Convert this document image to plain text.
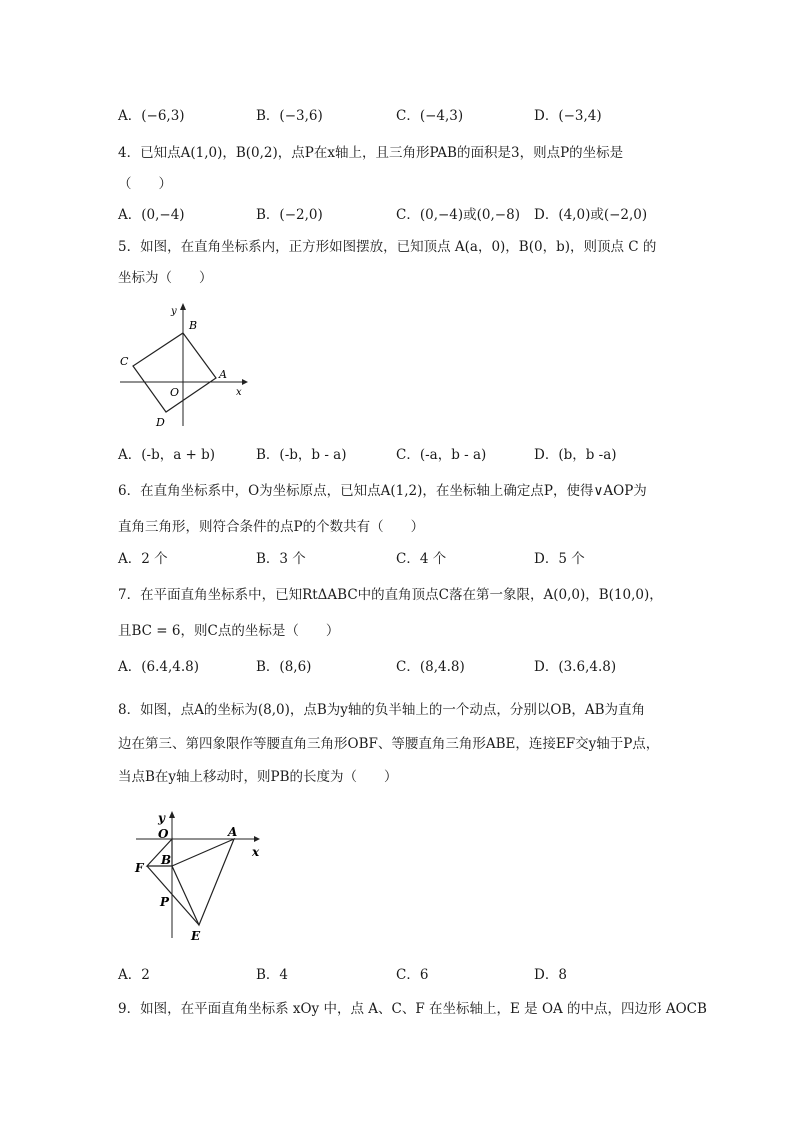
A．(−6,3)	B．(−3,6)	C．(−4,3)	D．(−3,4)
4．已知点A(1,0)，B(0,2)，点P在x轴上，且三角形PAB的面积是3，则点P的坐标是
（　　）
A．(0,−4)	B．(−2,0)	C．(0,−4)或(0,−8) D．(4,0)或(−2,0)
5．如图，在直角坐标系内，正方形如图摆放，已知顶点 A(a，0)，B(0，b)，则顶点 C 的
坐标为（　　）
y
x
B
A
C
O
D
A．(-b，a + b)	B．(-b，b - a)	C．(-a，b - a)	D．(b，b -a)
6．在直角坐标系中，O为坐标原点，已知点A(1,2)，在坐标轴上确定点P，使得∨AOP为
直角三角形，则符合条件的点P的个数共有（　　）
A．2 个	B．3 个	C．4 个	D．5 个
7．在平面直角坐标系中，已知RtΔABC中的直角顶点C落在第一象限，A(0,0)，B(10,0)，
且BC = 6，则C点的坐标是（　　）
A．(6.4,4.8)	B．(8,6)	C．(8,4.8)	D．(3.6,4.8)
8．如图，点A的坐标为(8,0)，点B为y轴的负半轴上的一个动点，分别以OB，AB为直角
边在第三、第四象限作等腰直角三角形OBF、等腰直角三角形ABE，连接EF交y轴于P点，
当点B在y轴上移动时，则PB的长度为（　　）
y
x
O	A
B
F
P
E
A．2	B．4	C．6	D．8
9．如图，在平面直角坐标系 xOy 中，点 A、C、F 在坐标轴上，E 是 OA 的中点，四边形 AOCB
